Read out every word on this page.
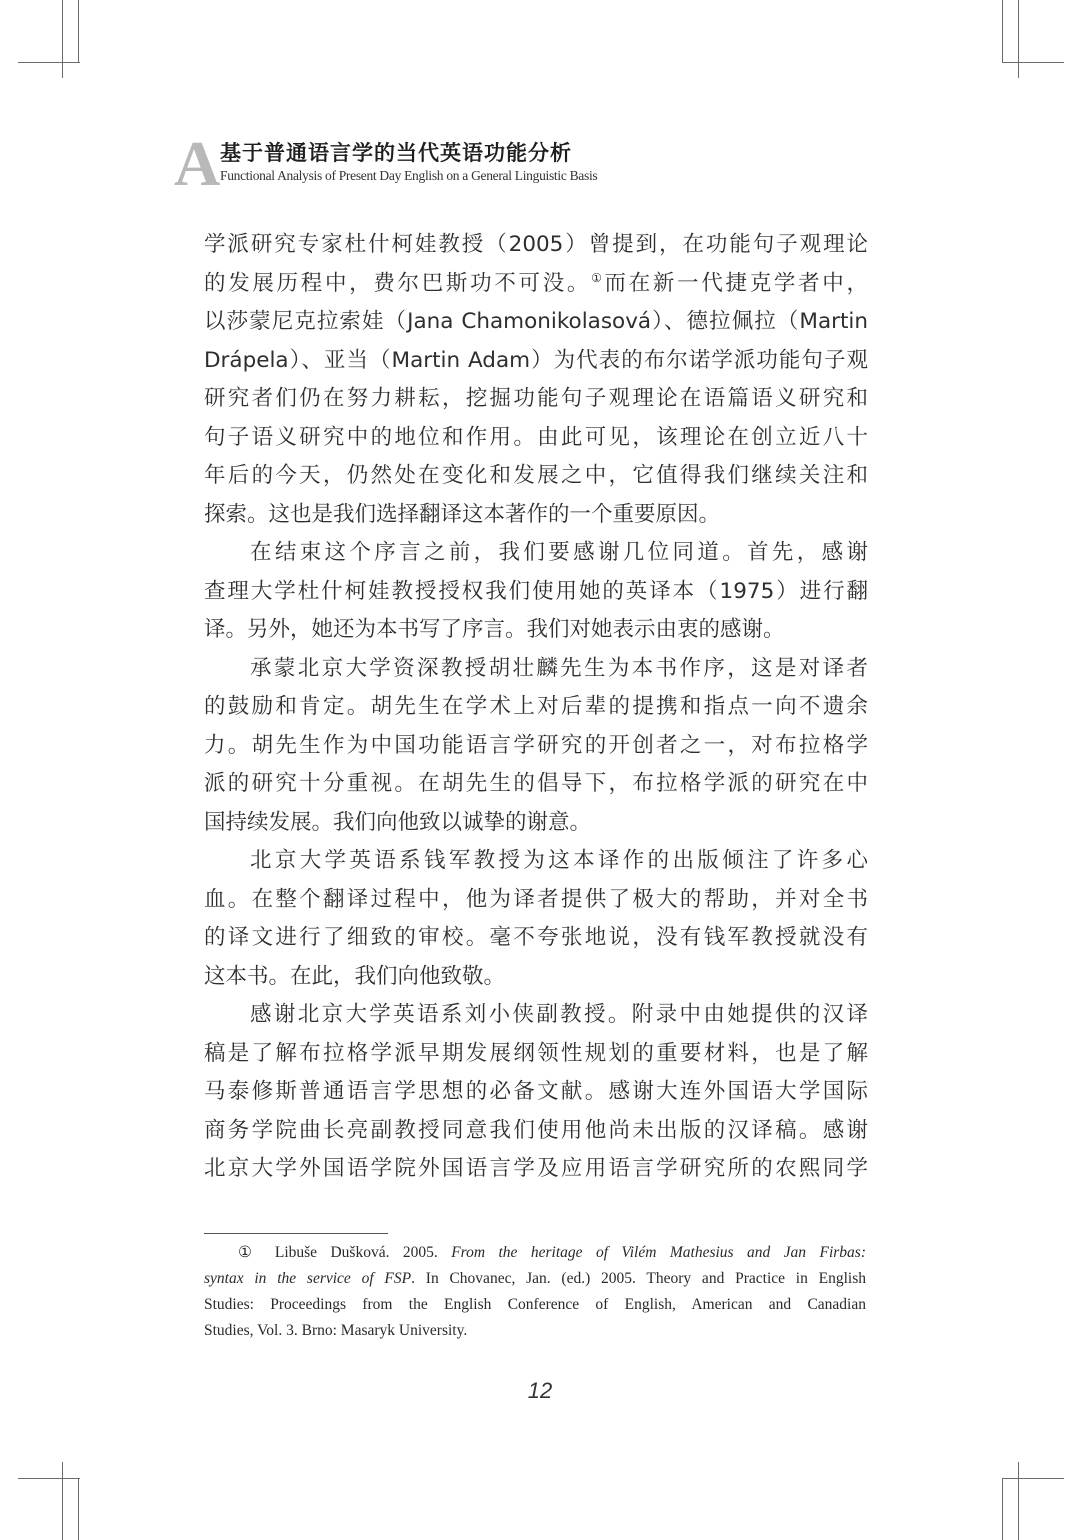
A 基于普通语言学的当代英语功能分析
Functional Analysis of Present Day English on a General Linguistic Basis
学派研究专家杜什柯娃教授（2005）曾提到，在功能句子观理论
的发展历程中，费尔巴斯功不可没。①而在新一代捷克学者中，
以莎蒙尼克拉索娃（Jana Chamonikolasová）、德拉佩拉（Martin
Drápela）、亚当（Martin Adam）为代表的布尔诺学派功能句子观
研究者们仍在努力耕耘，挖掘功能句子观理论在语篇语义研究和
句子语义研究中的地位和作用。由此可见，该理论在创立近八十
年后的今天，仍然处在变化和发展之中，它值得我们继续关注和
探索。这也是我们选择翻译这本著作的一个重要原因。
在结束这个序言之前，我们要感谢几位同道。首先，感谢
查理大学杜什柯娃教授授权我们使用她的英译本（1975）进行翻
译。另外，她还为本书写了序言。我们对她表示由衷的感谢。
承蒙北京大学资深教授胡壮麟先生为本书作序，这是对译者
的鼓励和肯定。胡先生在学术上对后辈的提携和指点一向不遗余
力。胡先生作为中国功能语言学研究的开创者之一，对布拉格学
派的研究十分重视。在胡先生的倡导下，布拉格学派的研究在中
国持续发展。我们向他致以诚挚的谢意。
北京大学英语系钱军教授为这本译作的出版倾注了许多心
血。在整个翻译过程中，他为译者提供了极大的帮助，并对全书
的译文进行了细致的审校。毫不夸张地说，没有钱军教授就没有
这本书。在此，我们向他致敬。
感谢北京大学英语系刘小侠副教授。附录中由她提供的汉译
稿是了解布拉格学派早期发展纲领性规划的重要材料，也是了解
马泰修斯普通语言学思想的必备文献。感谢大连外国语大学国际
商务学院曲长亮副教授同意我们使用他尚未出版的汉译稿。感谢
北京大学外国语学院外国语言学及应用语言学研究所的农熙同学
① Libuše Dušková. 2005. From the heritage of Vilém Mathesius and Jan Firbas:
syntax in the service of FSP. In Chovanec, Jan. (ed.) 2005. Theory and Practice in English
Studies: Proceedings from the English Conference of English, American and Canadian
Studies, Vol. 3. Brno: Masaryk University.
12
